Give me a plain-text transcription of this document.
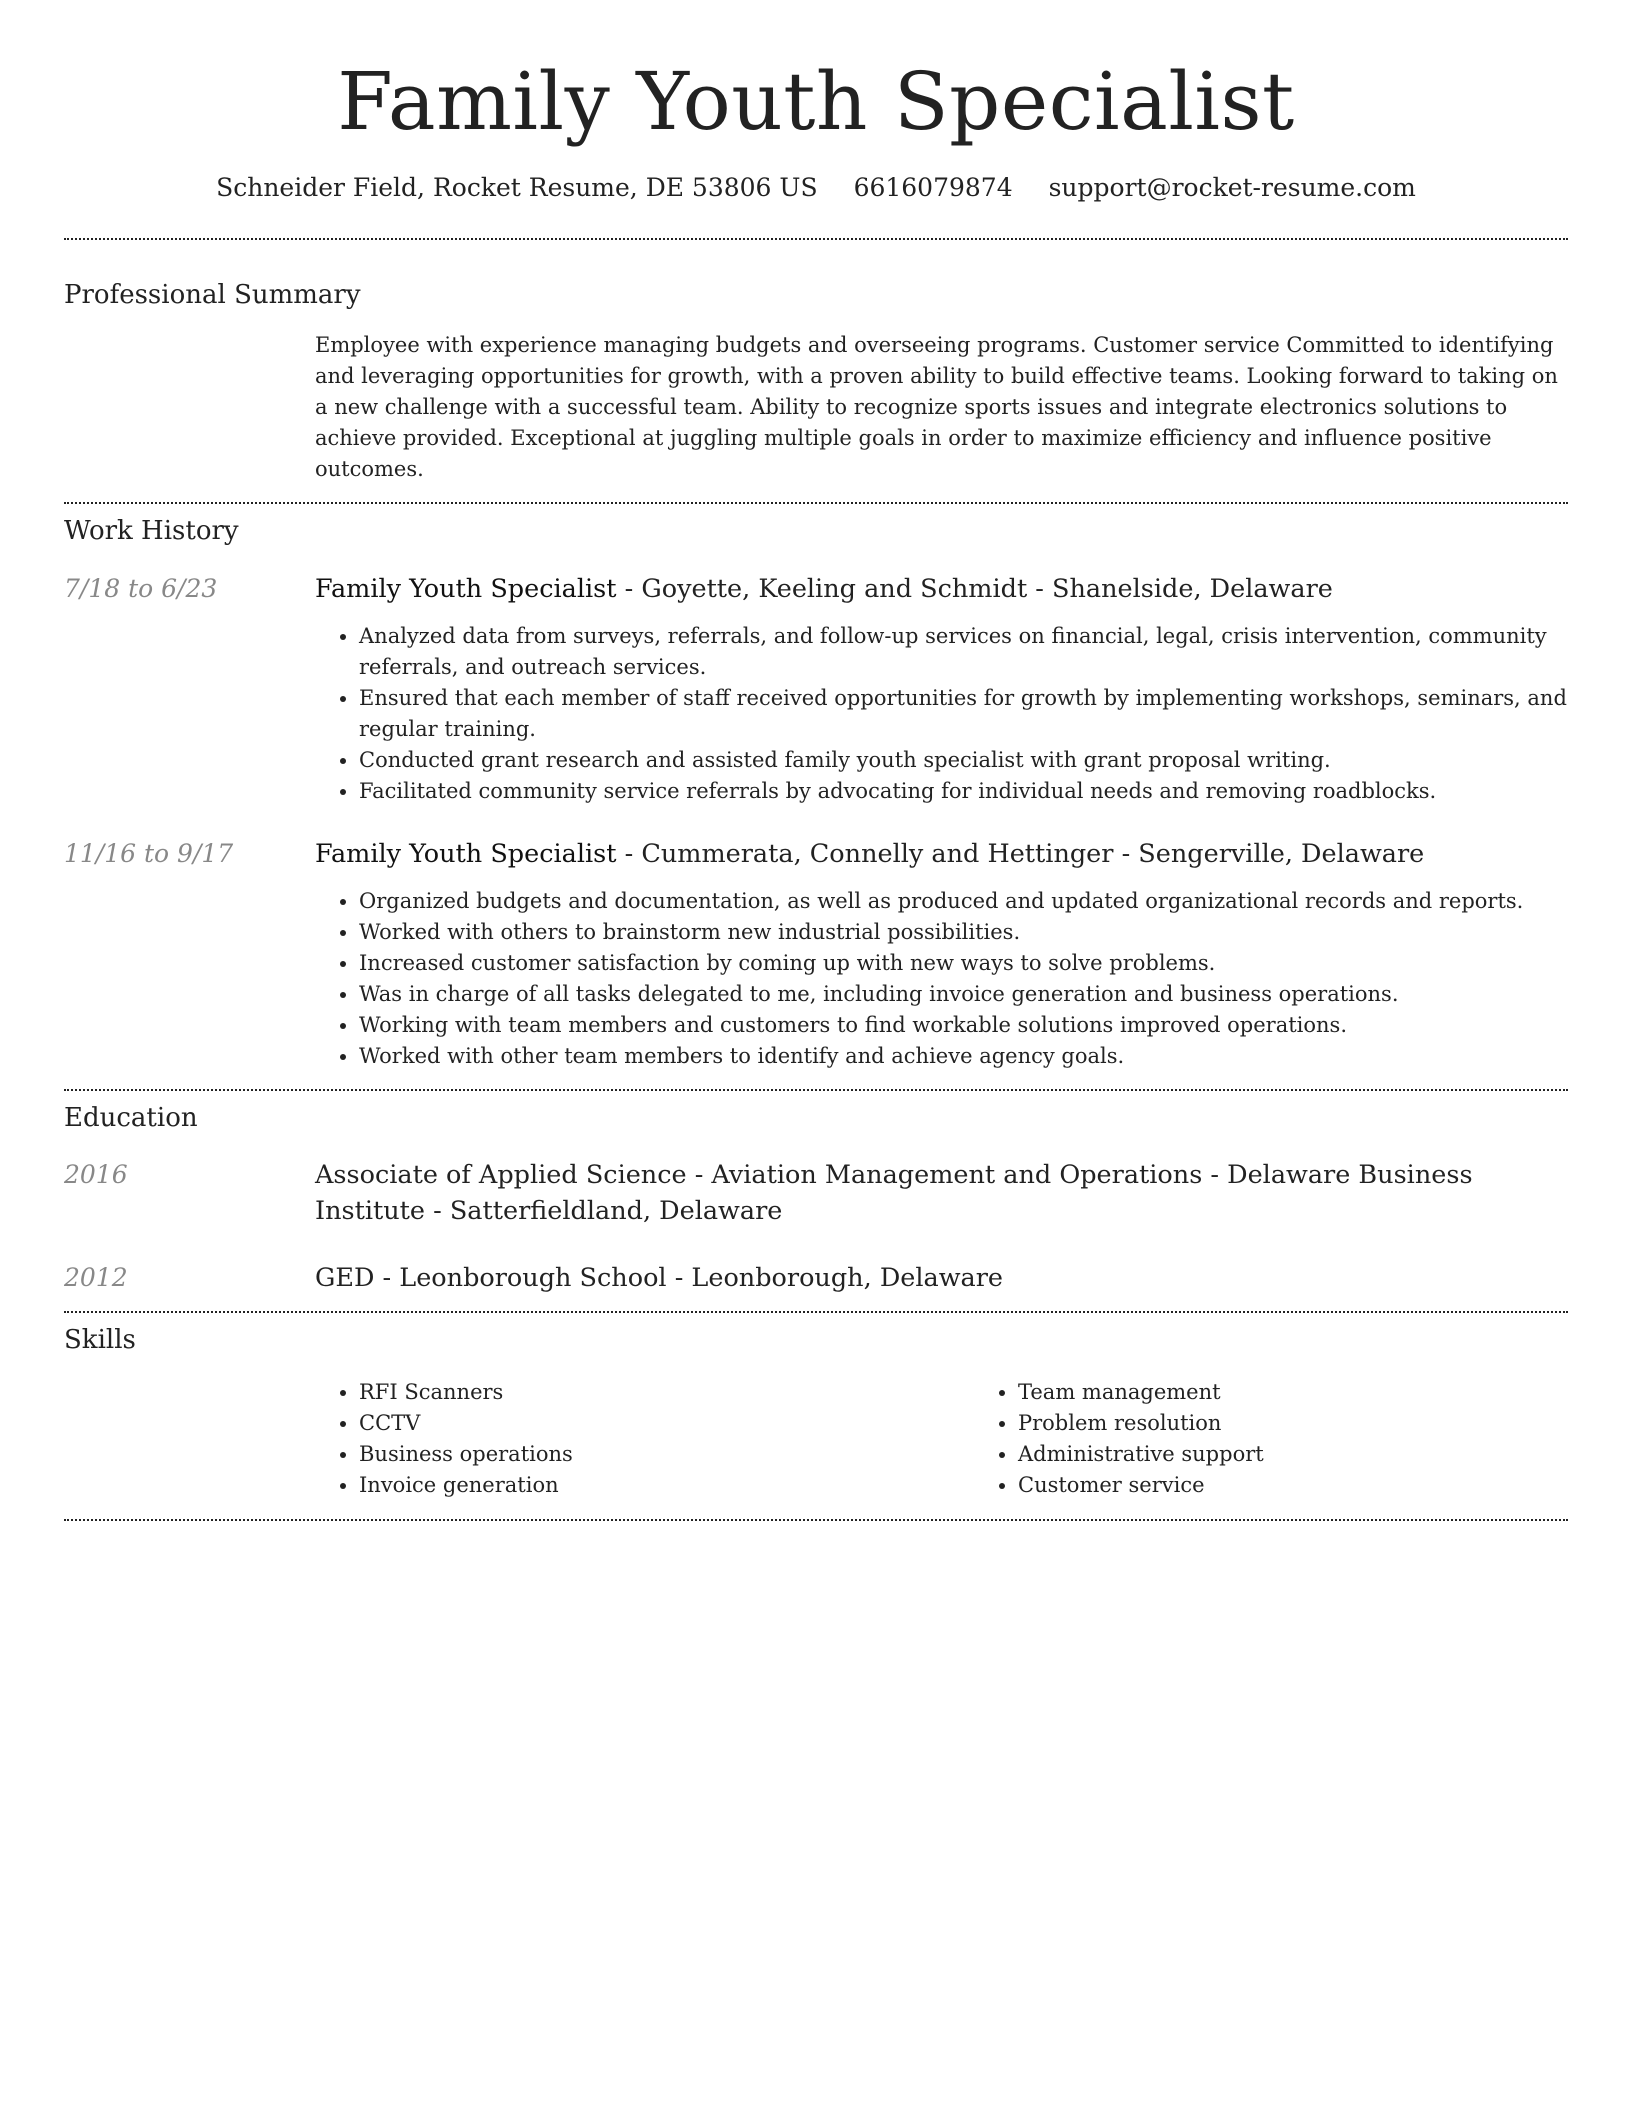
Family Youth Specialist
Schneider Field, Rocket Resume, DE 53806 US 6616079874 support@rocket-resume.com
Professional Summary
Employee with experience managing budgets and overseeing programs. Customer service Committed to identifying and leveraging opportunities for growth, with a proven ability to build effective teams. Looking forward to taking on a new challenge with a successful team. Ability to recognize sports issues and integrate electronics solutions to achieve provided. Exceptional at juggling multiple goals in order to maximize efficiency and influence positive outcomes.
Work History
7/18 to 6/23	Family Youth Specialist - Goyette, Keeling and Schmidt - Shanelside, Delaware
• Analyzed data from surveys, referrals, and follow-up services on financial, legal, crisis intervention, community referrals, and outreach services.
• Ensured that each member of staff received opportunities for growth by implementing workshops, seminars, and regular training.
• Conducted grant research and assisted family youth specialist with grant proposal writing.
• Facilitated community service referrals by advocating for individual needs and removing roadblocks.
11/16 to 9/17	Family Youth Specialist - Cummerata, Connelly and Hettinger - Sengerville, Delaware
• Organized budgets and documentation, as well as produced and updated organizational records and reports.
• Worked with others to brainstorm new industrial possibilities.
• Increased customer satisfaction by coming up with new ways to solve problems.
• Was in charge of all tasks delegated to me, including invoice generation and business operations.
• Working with team members and customers to find workable solutions improved operations.
• Worked with other team members to identify and achieve agency goals.
Education
2016	Associate of Applied Science - Aviation Management and Operations - Delaware Business Institute - Satterfieldland, Delaware
2012	GED - Leonborough School - Leonborough, Delaware
Skills
• RFI Scanners
• CCTV
• Business operations
• Invoice generation
• Team management
• Problem resolution
• Administrative support
• Customer service
